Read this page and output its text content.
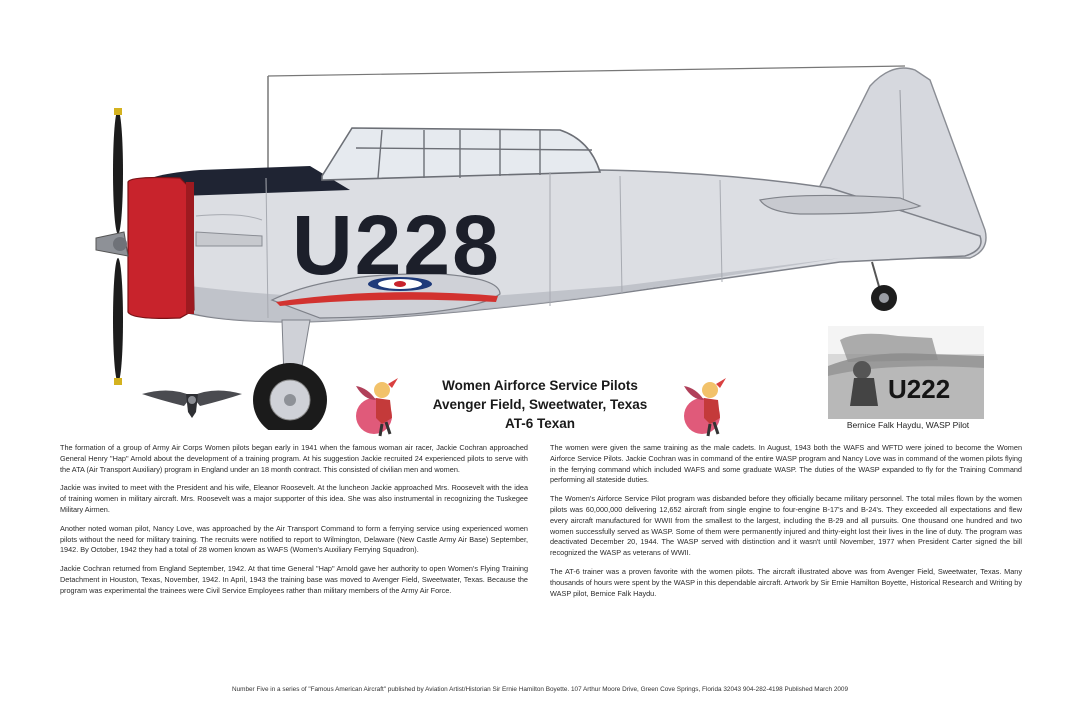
U228
Women Airforce Service Pilots
Avenger Field, Sweetwater, Texas
AT-6 Texan
U222
Bernice Falk Haydu, WASP Pilot

The formation of a group of Army Air Corps Women pilots began early in 1941 when the famous woman air racer, Jackie Cochran approached General Henry "Hap" Arnold about the development of a training program. At his suggestion Jackie recruited 24 experienced pilots to serve with the ATA (Air Transport Auxiliary) program in England under an 18 month contract. This consisted of civilian men and women.

Jackie was invited to meet with the President and his wife, Eleanor Roosevelt. At the luncheon Jackie approached Mrs. Roosevelt with the idea of training women in military aircraft. Mrs. Roosevelt was a major supporter of this idea. She was also instrumental in recognizing the Tuskegee Military Airmen.

Another noted woman pilot, Nancy Love, was approached by the Air Transport Command to form a ferrying service using experienced women pilots without the need for military training. The recruits were notified to report to Wilmington, Delaware (New Castle Army Air Base) September, 1942. By October, 1942 they had a total of 28 women known as WAFS (Women's Auxiliary Ferrying Squadron).

Jackie Cochran returned from England September, 1942. At that time General "Hap" Arnold gave her authority to open Women's Flying Training Detachment in Houston, Texas, November, 1942. In April, 1943 the training base was moved to Avenger Field, Sweetwater, Texas. Because the program was experimental the trainees were Civil Service Employees rather than military members of the Army Air Force.

The women were given the same training as the male cadets. In August, 1943 both the WAFS and WFTD were joined to become the Women Airforce Service Pilots. Jackie Cochran was in command of the entire WASP program and Nancy Love was in command of the women pilots flying in the ferrying command which included WAFS and some graduate WASP. The duties of the WASP expanded to fly for the Training Command performing all stateside duties.

The Women's Airforce Service Pilot program was disbanded before they officially became military personnel. The total miles flown by the women pilots was 60,000,000 delivering 12,652 aircraft from single engine to four-engine B-17's and B-24's. They exceeded all expectations and flew every aircraft manufactured for WWII from the smallest to the largest, including the B-29 and all pursuits. One thousand one hundred and two women successfully served as WASP. Some of them were permanently injured and thirty-eight lost their lives in the line of duty. The program was deactivated December 20, 1944. The WASP served with distinction and it wasn't until November, 1977 when President Carter signed the bill recognized the WASP as veterans of WWII.

The AT-6 trainer was a proven favorite with the women pilots. The aircraft illustrated above was from Avenger Field, Sweetwater, Texas. Many thousands of hours were spent by the WASP in this dependable aircraft. Artwork by Sir Ernie Hamilton Boyette, Historical Research and Writing by WASP pilot, Bernice Falk Haydu.

Number Five in a series of "Famous American Aircraft" published by Aviation Artist/Historian Sir Ernie Hamilton Boyette. 107 Arthur Moore Drive, Green Cove Springs, Florida 32043 904-282-4198 Published March 2009
